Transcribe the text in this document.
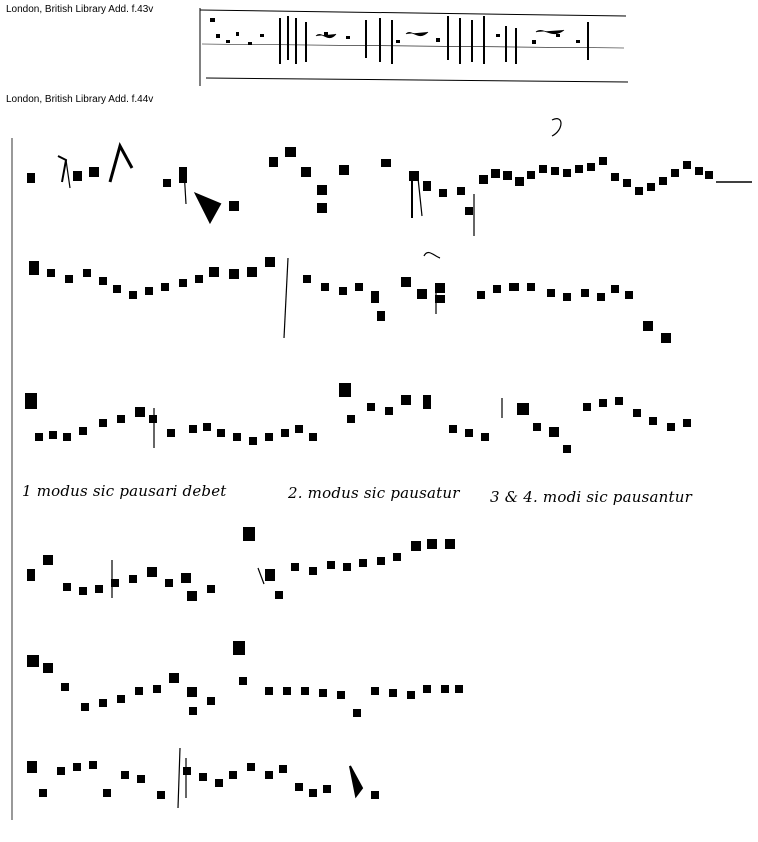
London, British Library Add. f.43v
London, British Library Add. f.44v
1 modus sic pausari debet	2. modus sic pausatur 3 & 4. modi sic pausantur
